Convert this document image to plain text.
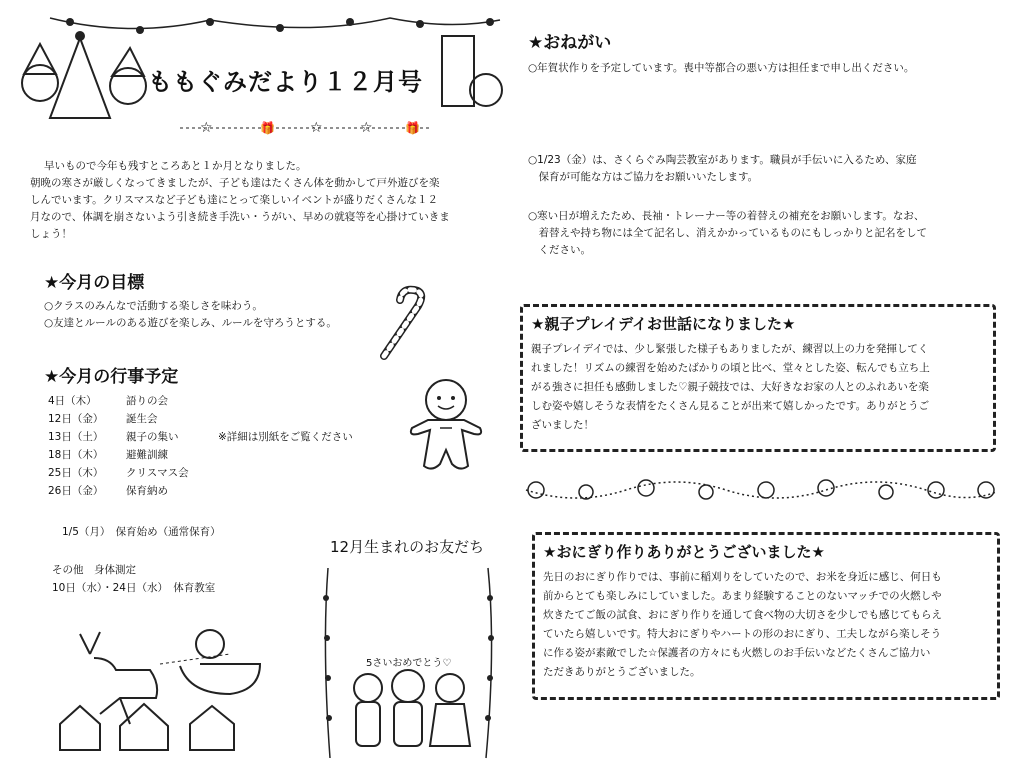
☆	🎁	☆	☆	🎁
ももぐみだより１２月号
早いもので今年も残すところあと１か月となりました。
朝晩の寒さが厳しくなってきましたが、子ども達はたくさん体を動かして戸外遊びを楽
しんでいます。クリスマスなど子ども達にとって楽しいイベントが盛りだくさんな１２
月なので、体調を崩さないよう引き続き手洗い・うがい、早めの就寝等を心掛けていきま
しょう！
★今月の目標
○クラスのみんなで活動する楽しさを味わう。
○友達とルールのある遊びを楽しみ、ルールを守ろうとする。
★今月の行事予定
4日（木）	語りの会
12日（金）	誕生会
13日（土）	親子の集い	※詳細は別紙をご覧ください
18日（木）	避難訓練
25日（木）	クリスマス会
26日（金）	保育納め
1/5（月）　保育始め（通常保育）
その他　身体測定
10日（水）・24日（水）　体育教室
12月生まれのお友だち
5さいおめでとう♡
★おねがい
○年賀状作りを予定しています。喪中等都合の悪い方は担任まで申し出ください。
○1/23（金）は、さくらぐみ陶芸教室があります。職員が手伝いに入るため、家庭
　保育が可能な方はご協力をお願いいたします。
○寒い日が増えたため、長袖・トレーナー等の着替えの補充をお願いします。なお、
　着替えや持ち物には全て記名し、消えかかっているものにもしっかりと記名をして
　ください。
★親子プレイデイお世話になりました★
親子プレイデイでは、少し緊張した様子もありましたが、練習以上の力を発揮してく
れました！リズムの練習を始めたばかりの頃と比べ、堂々とした姿、転んでも立ち上
がる強さに担任も感動しました♡親子競技では、大好きなお家の人とのふれあいを楽
しむ姿や嬉しそうな表情をたくさん見ることが出来て嬉しかったです。ありがとうご
ざいました！
★おにぎり作りありがとうございました★
先日のおにぎり作りでは、事前に稲刈りをしていたので、お米を身近に感じ、何日も
前からとても楽しみにしていました。あまり経験することのないマッチでの火燃しや
炊きたてご飯の試食、おにぎり作りを通して食べ物の大切さを少しでも感じてもらえ
ていたら嬉しいです。特大おにぎりやハートの形のおにぎり、工夫しながら楽しそう
に作る姿が素敵でした☆保護者の方々にも火燃しのお手伝いなどたくさんご協力い
ただきありがとうございました。
